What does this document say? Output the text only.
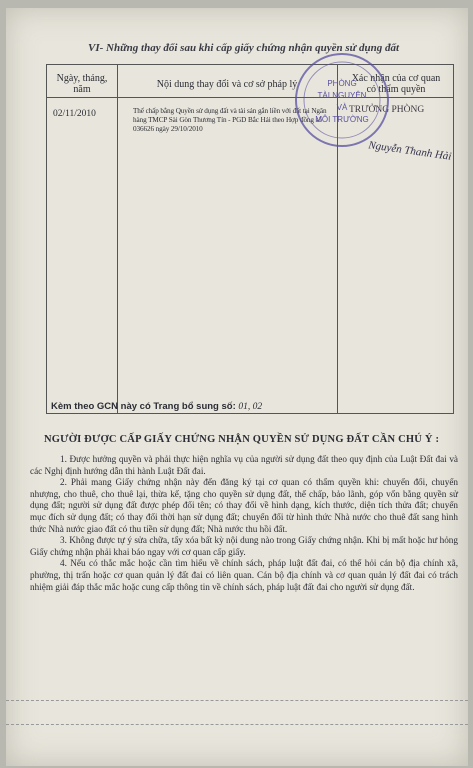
VI- Những thay đổi sau khi cấp giấy chứng nhận quyền sử dụng đất
Ngày, tháng,
năm	Nội dung thay đổi và cơ sở pháp lý
Xác nhận của cơ quan
có thẩm quyền
02/11/2010	Thế chấp bằng Quyền sử dụng đất và tài sản gắn liền với đất tại Ngân hàng TMCP Sài Gòn Thương Tín - PGD Bắc Hải theo Hợp đồng số 036626 ngày 29/10/2010
TRƯỞNG PHÒNG
Kèm theo GCN này có Trang bổ sung số: 01, 02
PHÒNG
TÀI NGUYÊN
VÀ
MÔI TRƯỜNG
Nguyễn Thanh Hải
NGƯỜI ĐƯỢC CẤP GIẤY CHỨNG NHẬN QUYỀN SỬ DỤNG ĐẤT CẦN CHÚ Ý :

1. Được hưởng quyền và phải thực hiện nghĩa vụ của người sử dụng đất theo quy định của Luật Đất đai và các Nghị định hướng dẫn thi hành Luật Đất đai.

2. Phải mang Giấy chứng nhận này đến đăng ký tại cơ quan có thẩm quyền khi: chuyển đổi, chuyển nhượng, cho thuê, cho thuê lại, thừa kế, tặng cho quyền sử dụng đất, thế chấp, bảo lãnh, góp vốn bằng quyền sử dụng đất; người sử dụng đất được phép đổi tên; có thay đổi về hình dạng, kích thước, diện tích thửa đất; chuyển mục đích sử dụng đất; có thay đổi thời hạn sử dụng đất; chuyển đổi từ hình thức Nhà nước cho thuê đất sang hình thức Nhà nước giao đất có thu tiền sử dụng đất; Nhà nước thu hồi đất.

3. Không được tự ý sửa chữa, tẩy xóa bất kỳ nội dung nào trong Giấy chứng nhận. Khi bị mất hoặc hư hỏng Giấy chứng nhận phải khai báo ngay với cơ quan cấp giấy.

4. Nếu có thắc mắc hoặc cần tìm hiểu về chính sách, pháp luật đất đai, có thể hỏi cán bộ địa chính xã, phường, thị trấn hoặc cơ quan quản lý đất đai có liên quan. Cán bộ địa chính và cơ quan quản lý đất đai có trách nhiệm giải đáp thắc mắc hoặc cung cấp thông tin về chính sách, pháp luật đất đai cho người sử dụng đất.
